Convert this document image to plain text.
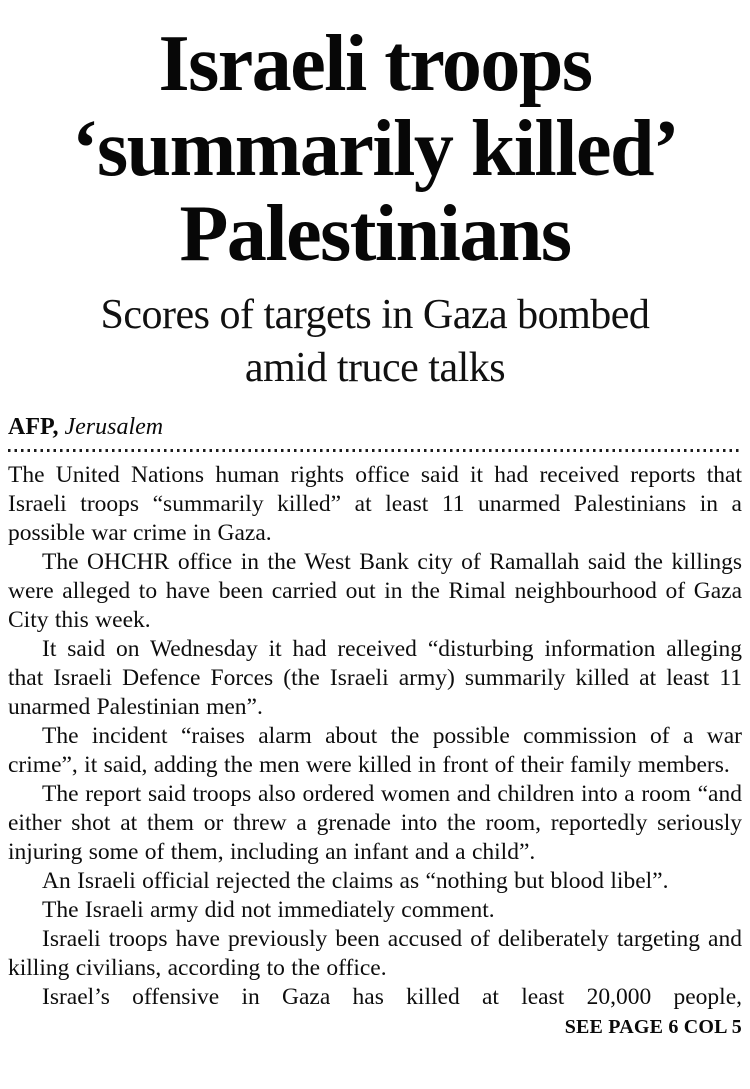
Israeli troops
‘summarily killed’
Palestinians
Scores of targets in Gaza bombed
amid truce talks
AFP, Jerusalem

The United Nations human rights office said it had received reports that Israeli troops “summarily killed” at least 11 unarmed Palestinians in a possible war crime in Gaza.

The OHCHR office in the West Bank city of Ramallah said the killings were alleged to have been carried out in the Rimal neighbourhood of Gaza City this week.

It said on Wednesday it had received “disturbing information alleging that Israeli Defence Forces (the Israeli army) summarily killed at least 11 unarmed Palestinian men”.

The incident “raises alarm about the possible commission of a war crime”, it said, adding the men were killed in front of their family members.

The report said troops also ordered women and children into a room “and either shot at them or threw a grenade into the room, reportedly seriously injuring some of them, including an infant and a child”.

An Israeli official rejected the claims as “nothing but blood libel”.

The Israeli army did not immediately comment.

Israeli troops have previously been accused of deliberately targeting and killing civilians, according to the office.

Israel’s offensive in Gaza has killed at least 20,000 people,

SEE PAGE 6 COL 5
